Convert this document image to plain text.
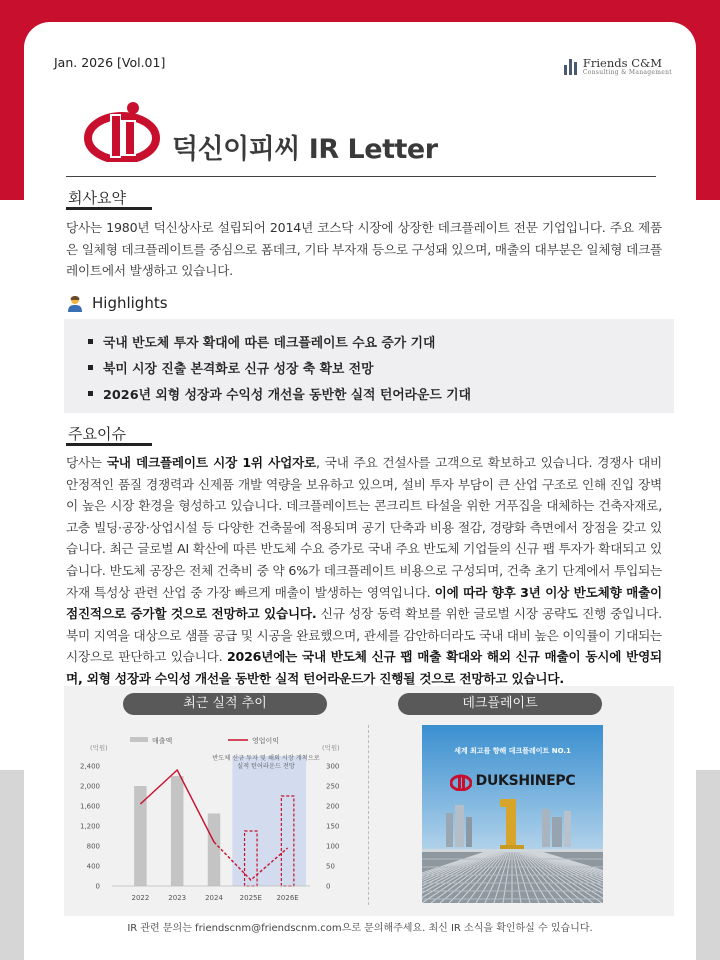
Jan. 2026 [Vol.01]	Friends C&M
Consulting & Management
덕신이피씨 IR Letter
회사요약
당사는 1980년 덕신상사로 설립되어 2014년 코스닥 시장에 상장한 데크플레이트 전문 기업입니다. 주요 제품은 일체형 데크플레이트를 중심으로 폼데크, 기타 부자재 등으로 구성돼 있으며, 매출의 대부분은 일체형 데크플레이트에서 발생하고 있습니다.
Highlights
국내 반도체 투자 확대에 따른 데크플레이트 수요 증가 기대
북미 시장 진출 본격화로 신규 성장 축 확보 전망
2026년 외형 성장과 수익성 개선을 동반한 실적 턴어라운드 기대
주요이슈
당사는 국내 데크플레이트 시장 1위 사업자로, 국내 주요 건설사를 고객으로 확보하고 있습니다. 경쟁사 대비 안정적인 품질 경쟁력과 신제품 개발 역량을 보유하고 있으며, 설비 투자 부담이 큰 산업 구조로 인해 진입 장벽이 높은 시장 환경을 형성하고 있습니다. 데크플레이트는 콘크리트 타설을 위한 거푸집을 대체하는 건축자재로, 고층 빌딩·공장·상업시설 등 다양한 건축물에 적용되며 공기 단축과 비용 절감, 경량화 측면에서 장점을 갖고 있습니다. 최근 글로벌 AI 확산에 따른 반도체 수요 증가로 국내 주요 반도체 기업들의 신규 팹 투자가 확대되고 있습니다. 반도체 공장은 전체 건축비 중 약 6%가 데크플레이트 비용으로 구성되며, 건축 초기 단계에서 투입되는 자재 특성상 관련 산업 중 가장 빠르게 매출이 발생하는 영역입니다. 이에 따라 향후 3년 이상 반도체향 매출이 점진적으로 증가할 것으로 전망하고 있습니다. 신규 성장 동력 확보를 위한 글로벌 시장 공략도 진행 중입니다. 북미 지역을 대상으로 샘플 공급 및 시공을 완료했으며, 관세를 감안하더라도 국내 대비 높은 이익률이 기대되는 시장으로 판단하고 있습니다. 2026년에는 국내 반도체 신규 팹 매출 확대와 해외 신규 매출이 동시에 반영되며, 외형 성장과 수익성 개선을 동반한 실적 턴어라운드가 진행될 것으로 전망하고 있습니다.
최근 실적 추이	데크플레이트
매출액	영업이익
(억원)	(억원)
반도체 신규 투자 및 해외 시장 개척으로
실적 턴어라운드 전망
0
400
800
1,200
1,600
2,000
2,400
0
50
100
150
200
250
300
2022	2023	2024 2025E 2026E
세계 최고를 향해 데크플레이트 NO.1
DUKSHINEPC
IR 관련 문의는 friendscnm@friendscnm.com으로 문의해주세요. 최신 IR 소식을 확인하실 수 있습니다.
